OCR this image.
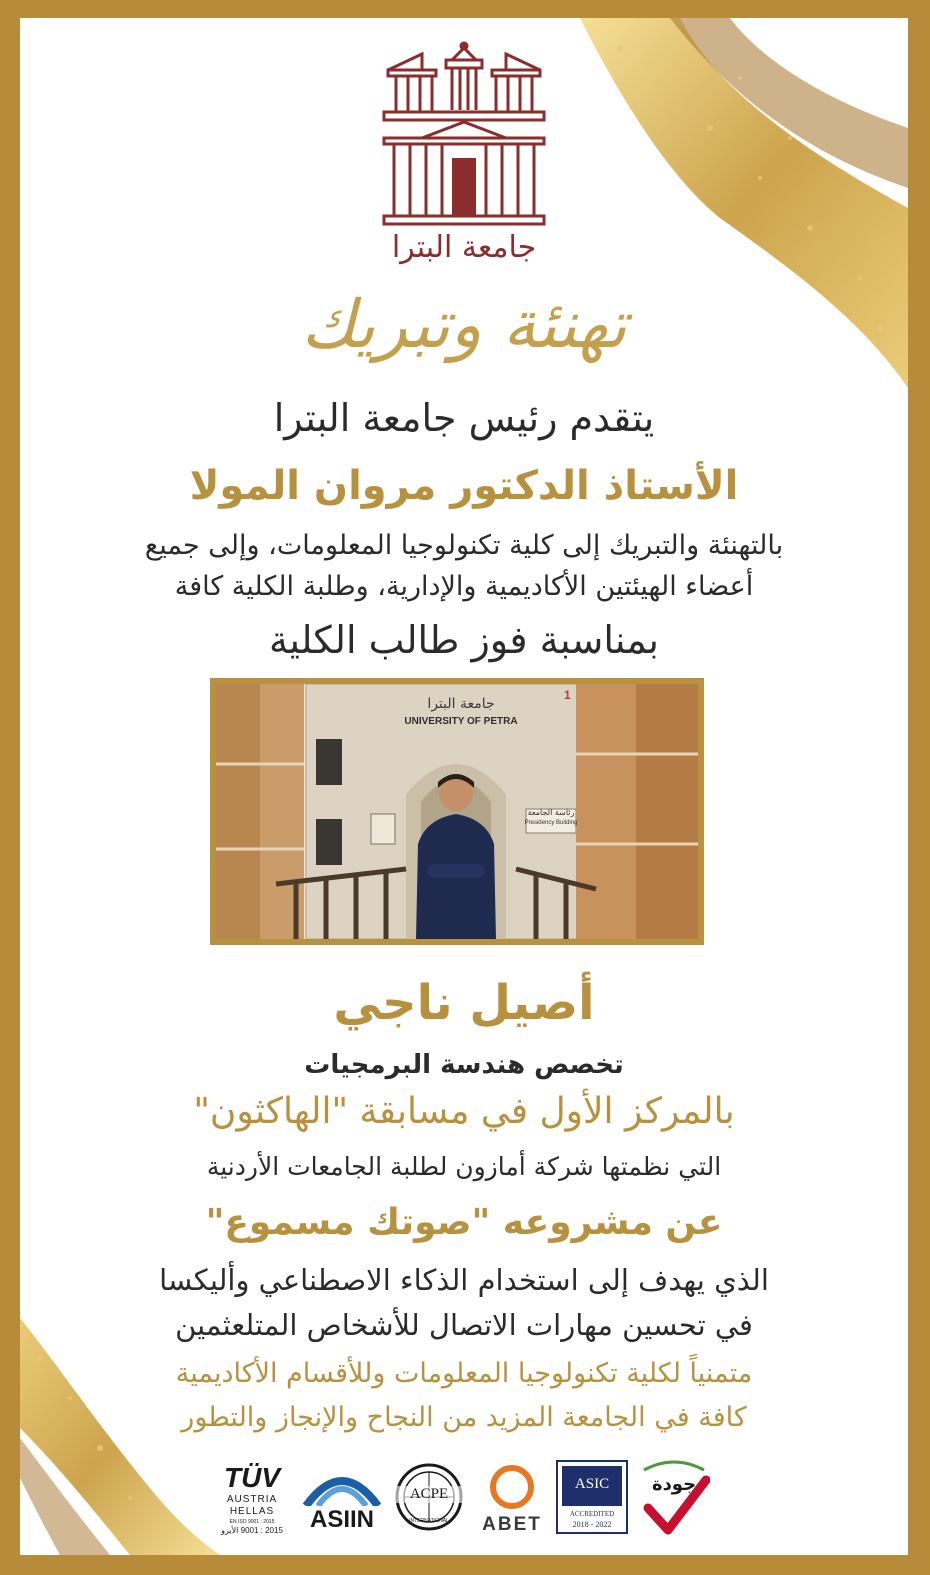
جامعة البترا
تهنئة وتبريك
يتقدم رئيس جامعة البترا
الأستاذ الدكتور مروان المولا
بالتهنئة والتبريك إلى كلية تكنولوجيا المعلومات، وإلى جميع
أعضاء الهيئتين الأكاديمية والإدارية، وطلبة الكلية كافة
بمناسبة فوز طالب الكلية
جامعة البترا
UNIVERSITY OF PETRA
1
رئاسة الجامعة
Presidency Building
أصيل ناجي
تخصص هندسة البرمجيات
بالمركز الأول في مسابقة "الهاكثون"
التي نظمتها شركة أمازون لطلبة الجامعات الأردنية
عن مشروعه "صوتك مسموع"
الذي يهدف إلى استخدام الذكاء الاصطناعي وأليكسا
في تحسين مهارات الاتصال للأشخاص المتلعثمين
متمنياً لكلية تكنولوجيا المعلومات وللأقسام الأكاديمية
كافة في الجامعة المزيد من النجاح والإنجاز والتطور
TÜV
AUSTRIA
HELLAS
EN ISO 9001 : 2015
2015 : 9001 الأيزو	ASIIN
ACPE
INTERNATIONAL	ABET
ASIC
ACCREDITED
2018 - 2022
جودة
